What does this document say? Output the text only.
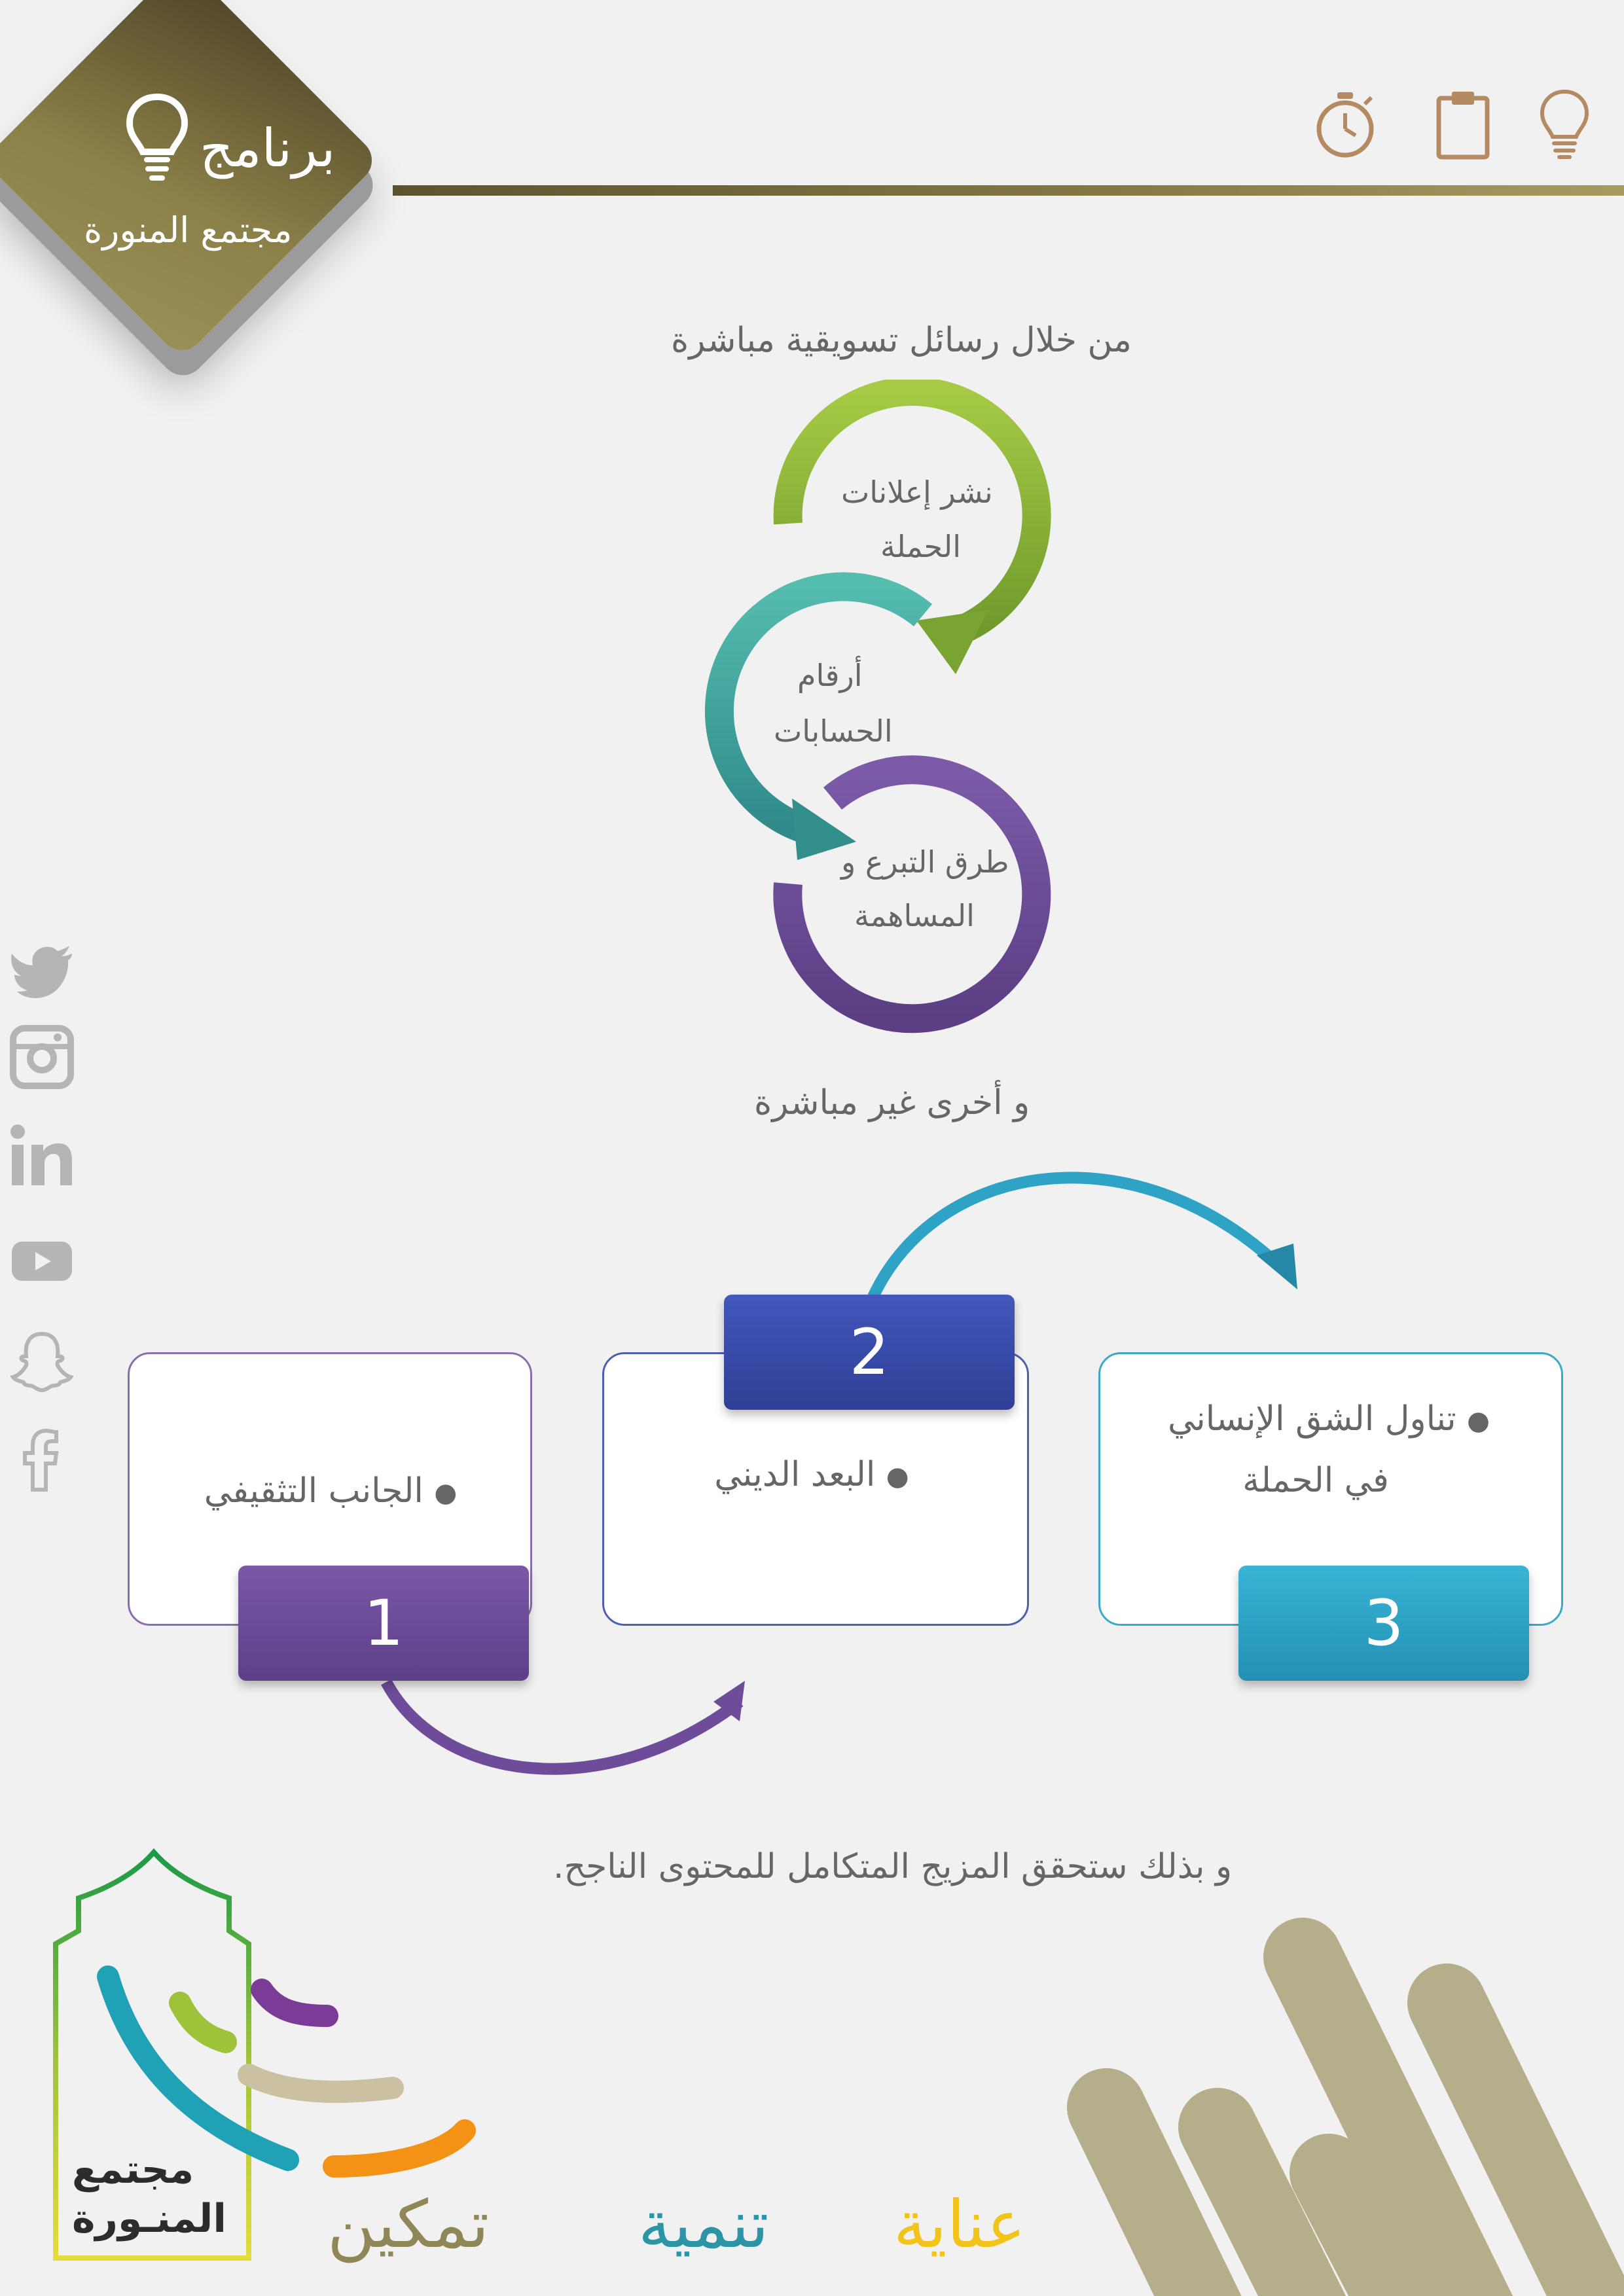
برنامج
مجتمع المنورة
من خلال رسائل تسويقية مباشرة
نشر إعلانات
الحملة
أرقام
الحسابات
طرق التبرع و
المساهمة
و أخرى غير مباشرة
● الجانب التثقيفي	● البعد الديني
● تناول الشق الإنساني
في الحملة
1
2
3
و بذلك ستحقق المزيج المتكامل للمحتوى الناجح.
مجتمع
المنـورة تمكين تنمية عناية
